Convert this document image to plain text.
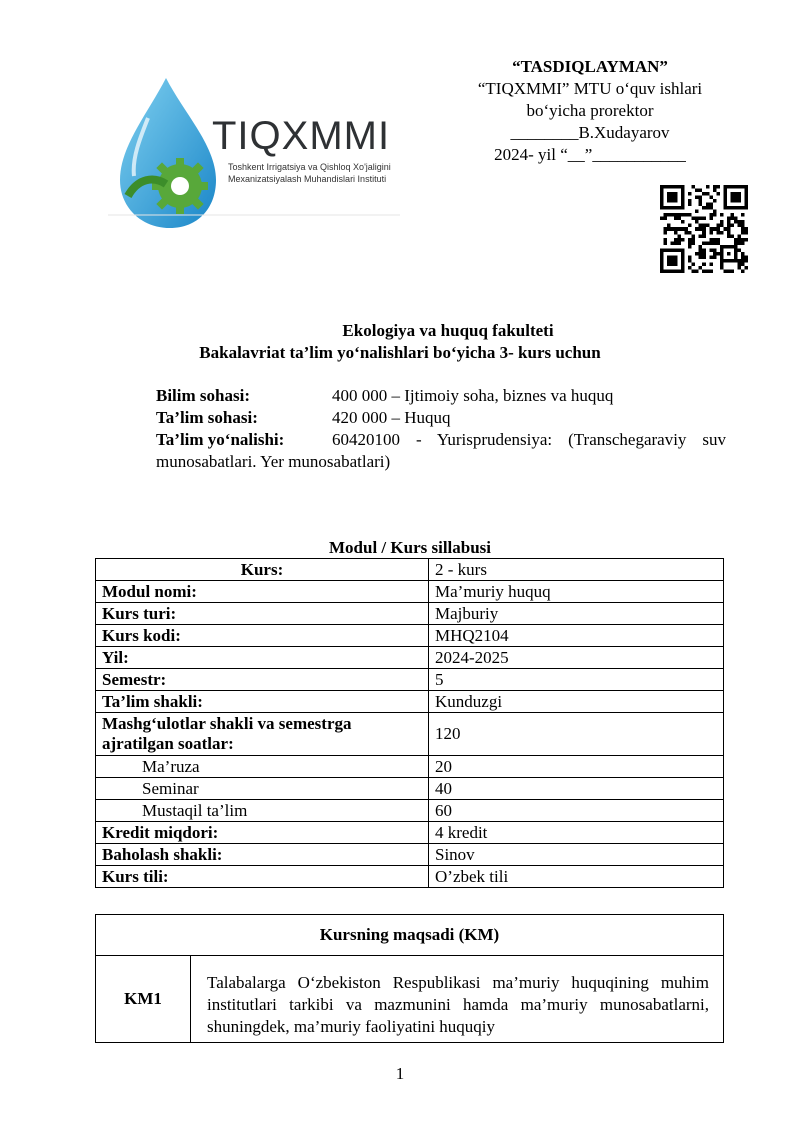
TIQXMMI
Toshkent Irrigatsiya va Qishloq Xo'jaligini
Mexanizatsiyalash Muhandislari Instituti
“TASDIQLAYMAN”
“TIQXMMI” MTU o‘quv ishlari
boʻyicha prorektor
________B.Xudayarov
2024- yil “__”___________
Ekologiya va huquq fakulteti
Bakalavriat ta’lim yo‘nalishlari bo‘yicha 3- kurs uchun
Bilim sohasi:	400 000 – Ijtimoiy soha, biznes va huquq
Ta’lim sohasi:	420 000 – Huquq
Ta’lim yo‘nalishi:	60420100 - Yurisprudensiya: (Transchegaraviy suv
munosabatlari. Yer munosabatlari)
Modul / Kurs sillabusi
Kurs:	2 - kurs
Modul nomi:	Ma’muriy huquq
Kurs turi:	Majburiy
Kurs kodi:	MHQ2104
Yil:	2024-2025
Semestr:	5
Ta’lim shakli:	Kunduzgi
Mashg‘ulotlar shakli va semestrga ajratilgan soatlar:	120
Ma’ruza	20
Seminar	40
Mustaqil ta’lim	60
Kredit miqdori:	4 kredit
Baholash shakli:	Sinov
Kurs tili:	O’zbek tili
Kursning maqsadi (KM)
KM1	Talabalarga O‘zbekiston Respublikasi ma’muriy huquqining muhim institutlari tarkibi va mazmunini hamda ma’muriy munosabatlarni, shuningdek, ma’muriy faoliyatini huquqiy
1
